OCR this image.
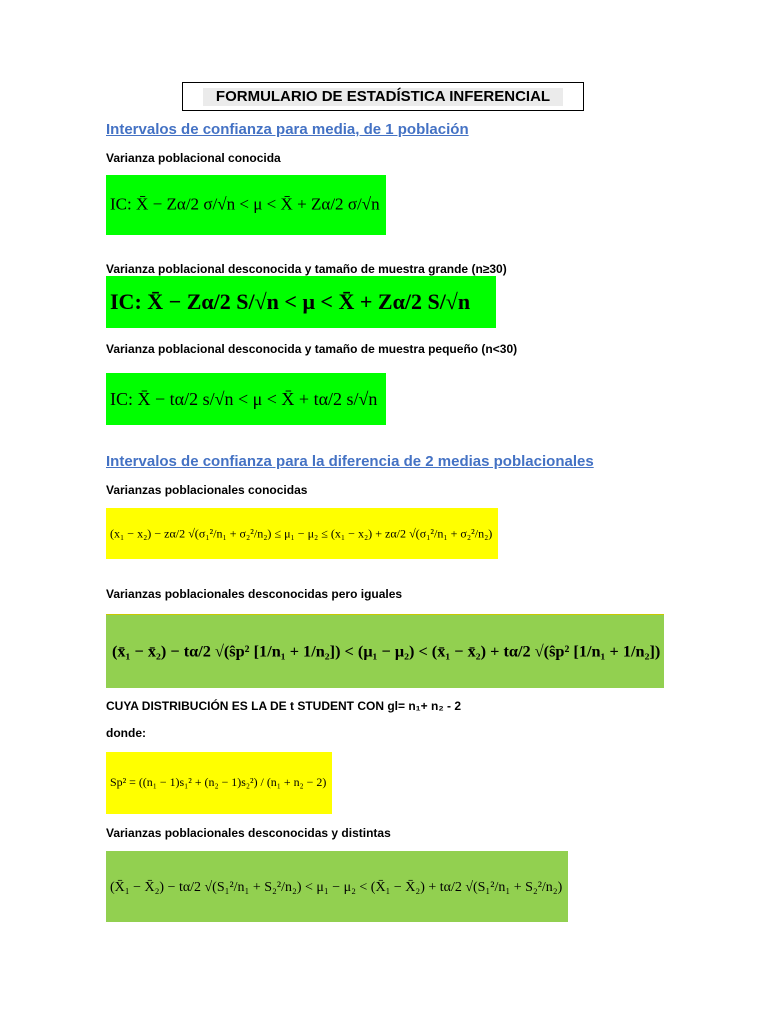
FORMULARIO DE ESTADÍSTICA INFERENCIAL
Intervalos de confianza para media, de 1 población
Varianza poblacional conocida
IC: X̄ − Zα/2 σ/√n < μ < X̄ + Zα/2 σ/√n
Varianza poblacional desconocida y tamaño de muestra grande (n≥30)
IC: X̄ − Zα/2 S/√n < μ < X̄ + Zα/2 S/√n
Varianza poblacional desconocida y tamaño de muestra pequeño (n<30)
IC: X̄ − tα/2 s/√n < μ < X̄ + tα/2 s/√n
Intervalos de confianza para la diferencia de 2 medias poblacionales
Varianzas poblacionales conocidas
(x₁ − x₂) − zα/2 √(σ₁²/n₁ + σ₂²/n₂) ≤ μ₁ − μ₂ ≤ (x₁ − x₂) + zα/2 √(σ₁²/n₁ + σ₂²/n₂)
Varianzas poblacionales desconocidas pero iguales
(x̄₁ − x̄₂) − tα/2 √(ŝp² [1/n₁ + 1/n₂]) < (μ₁ − μ₂) < (x̄₁ − x̄₂) + tα/2 √(ŝp² [1/n₁ + 1/n₂])
CUYA DISTRIBUCIÓN ES LA DE t STUDENT CON gl= n₁+ n₂ - 2
donde:
Sp² = ((n₁ − 1)s₁² + (n₂ − 1)s₂²) / (n₁ + n₂ − 2)
Varianzas poblacionales desconocidas y distintas
(X̄₁ − X̄₂) − tα/2 √(S₁²/n₁ + S₂²/n₂) < μ₁ − μ₂ < (X̄₁ − X̄₂) + tα/2 √(S₁²/n₁ + S₂²/n₂)
